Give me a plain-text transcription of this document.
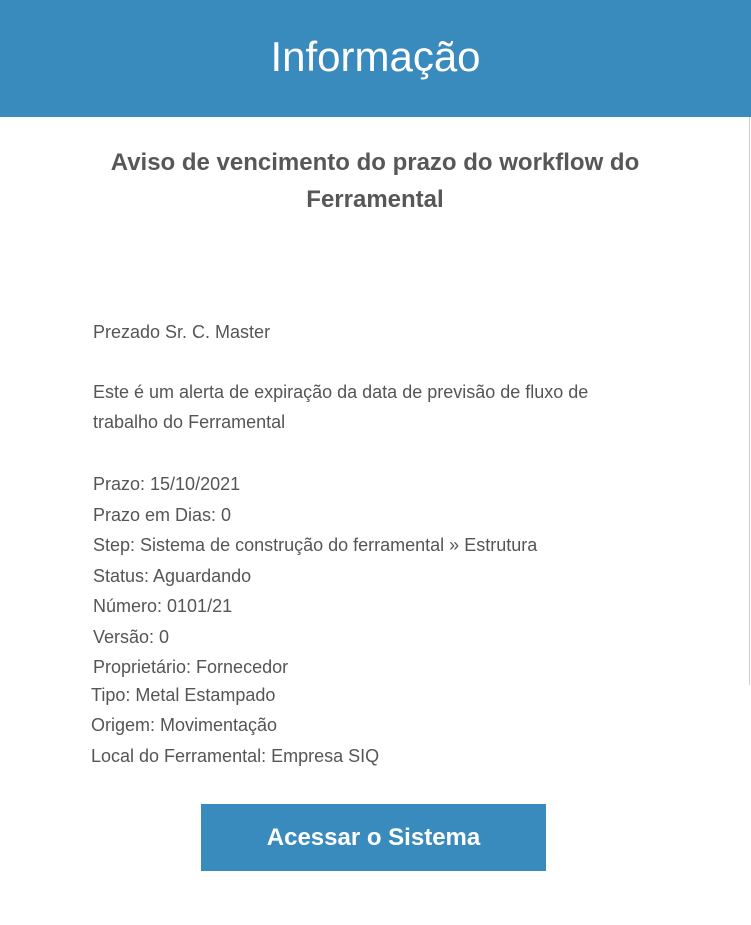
Informação
Aviso de vencimento do prazo do workflow do Ferramental

Prezado Sr. C. Master

Este é um alerta de expiração da data de previsão de fluxo de trabalho do Ferramental

Prazo: 15/10/2021
Prazo em Dias: 0
Step: Sistema de construção do ferramental » Estrutura
Status: Aguardando
Número: 0101/21
Versão: 0
Proprietário: Fornecedor
Tipo: Metal Estampado
Origem: Movimentação
Local do Ferramental: Empresa SIQ
Acessar o Sistema
